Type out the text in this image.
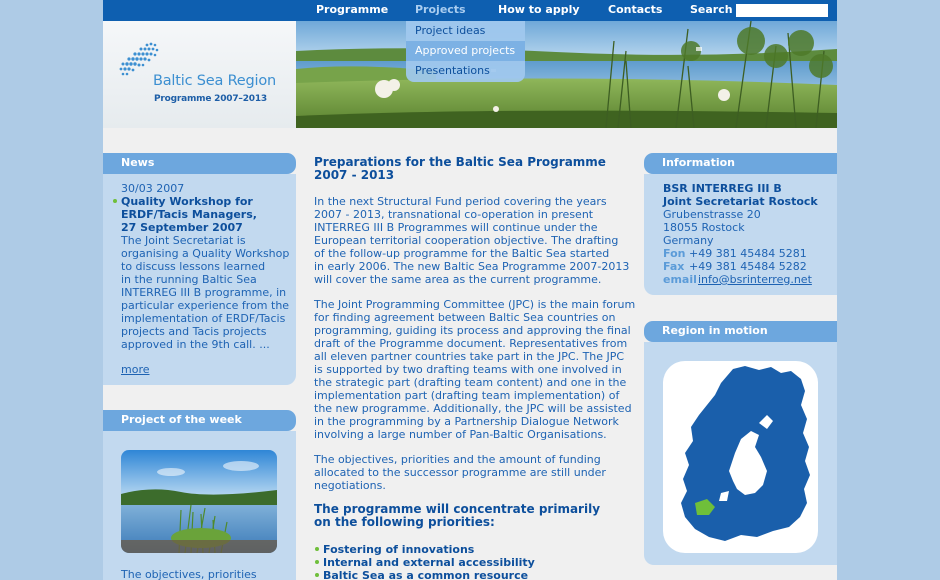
Programme Projects	How to apply	Contacts	Search
Baltic Sea Region
Programme 2007–2013
Project ideas
Approved projects
Presentations
News
30/03 2007
Quality Workshop for
ERDF/Tacis Managers,
27 September 2007
The Joint Secretariat is
organising a Quality Workshop
to discuss lessons learned
in the running Baltic Sea
INTERREG III B programme, in
particular experience from the
implementation of ERDF/Tacis
projects and Tacis projects
approved in the 9th call. ...
more
Project of the week
The objectives, priorities
Preparations for the Baltic Sea Programme
2007 - 2013
In the next Structural Fund period covering the years
2007 - 2013, transnational co-operation in present
INTERREG III B Programmes will continue under the
European territorial cooperation objective. The drafting
of the follow-up programme for the Baltic Sea started
in early 2006. The new Baltic Sea Programme 2007-2013
will cover the same area as the current programme.
The Joint Programming Committee (JPC) is the main forum
for finding agreement between Baltic Sea countries on
programming, guiding its process and approving the final
draft of the Programme document. Representatives from
all eleven partner countries take part in the JPC. The JPC
is supported by two drafting teams with one involved in
the strategic part (drafting team content) and one in the
implementation part (drafting team implementation) of
the new programme. Additionally, the JPC will be assisted
in the programming by a Partnership Dialogue Network
involving a large number of Pan-Baltic Organisations.
The objectives, priorities and the amount of funding
allocated to the successor programme are still under
negotiations.
The programme will concentrate primarily
on the following priorities:
Fostering of innovations
Internal and external accessibility
Baltic Sea as a common resource
Information
BSR INTERREG III B
Joint Secretariat Rostock
Grubenstrasse 20
18055 Rostock
Germany
Fon +49 381 45484 5281
Fax +49 381 45484 5282
email info@bsrinterreg.net
Region in motion
